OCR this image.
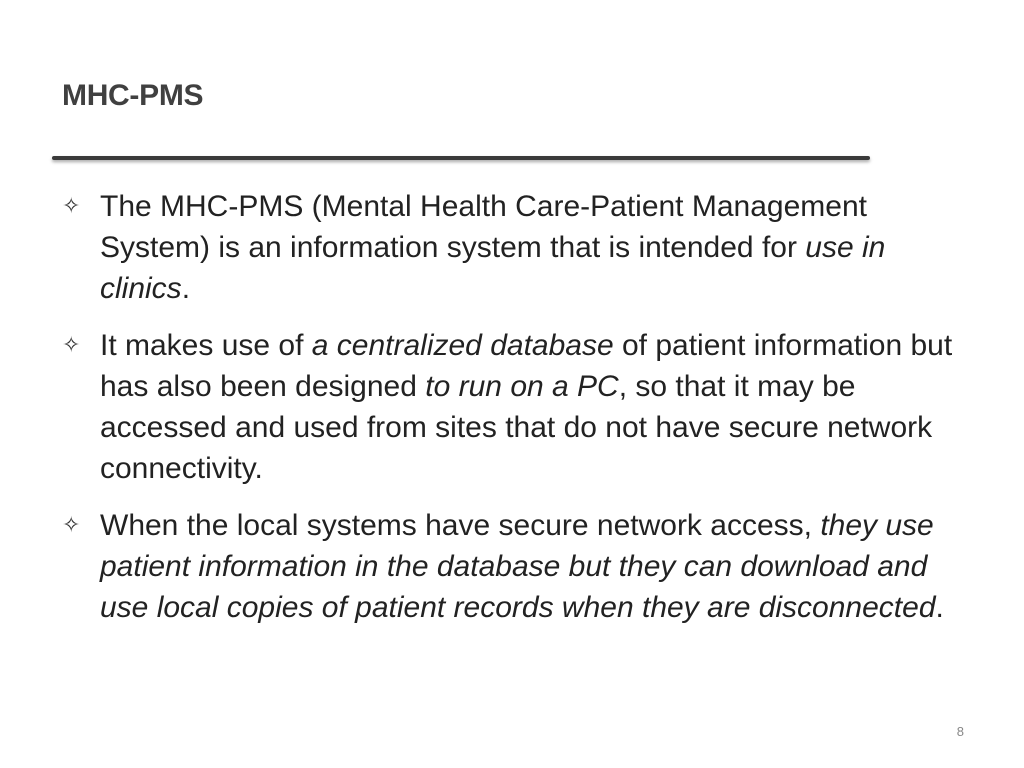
MHC-PMS
✧ The MHC-PMS (Mental Health Care-Patient Management System) is an information system that is intended for use in clinics.
✧ It makes use of a centralized database of patient information but has also been designed to run on a PC, so that it may be accessed and used from sites that do not have secure network connectivity.
✧ When the local systems have secure network access, they use patient information in the database but they can download and use local copies of patient records when they are disconnected.
8
